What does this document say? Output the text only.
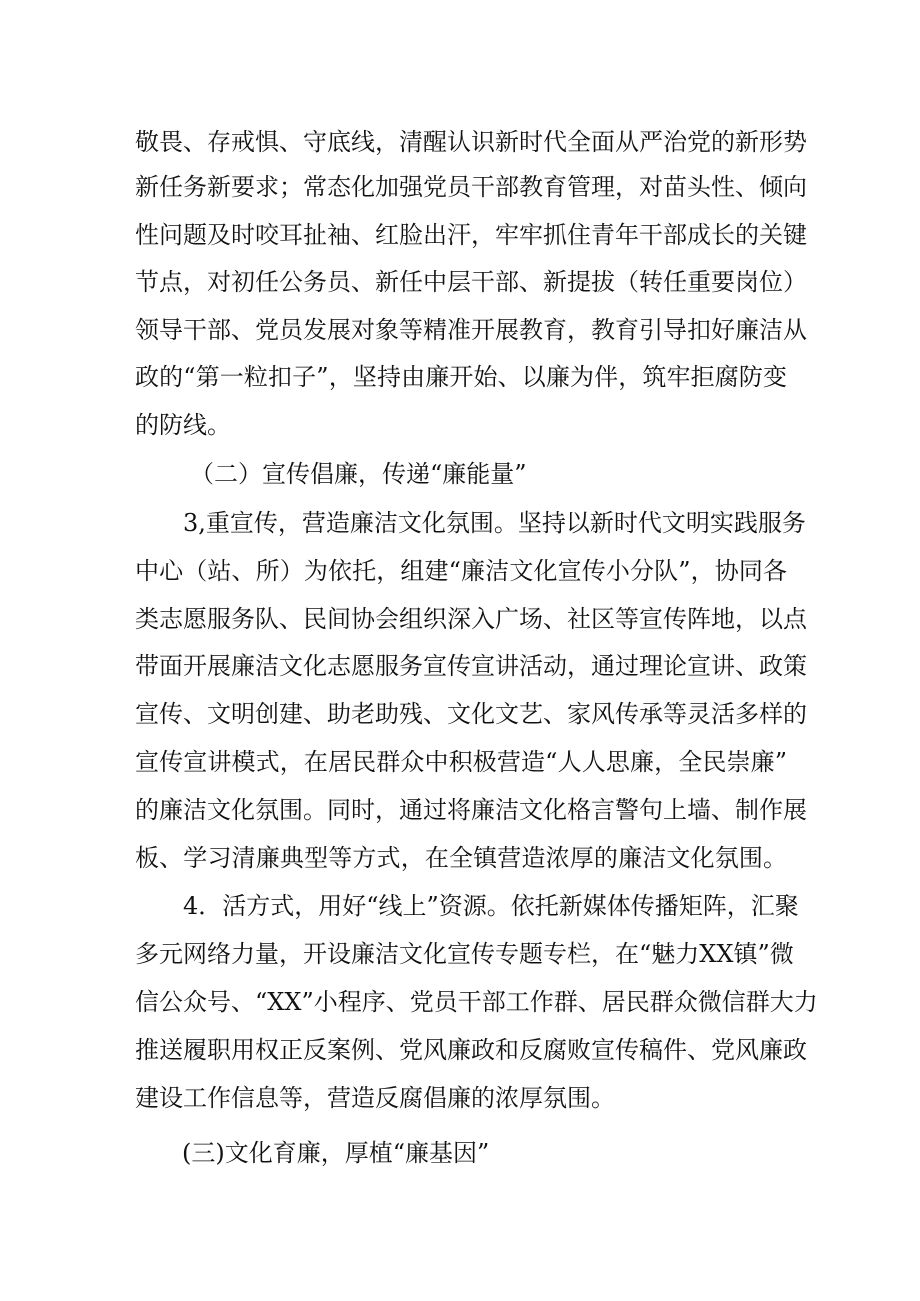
敬畏、存戒惧、守底线，清醒认识新时代全面从严治党的新形势
新任务新要求；常态化加强党员干部教育管理，对苗头性、倾向
性问题及时咬耳扯袖、红脸出汗，牢牢抓住青年干部成长的关键
节点，对初任公务员、新任中层干部、新提拔（转任重要岗位）
领导干部、党员发展对象等精准开展教育，教育引导扣好廉洁从
政的“第一粒扣子”，坚持由廉开始、以廉为伴，筑牢拒腐防变
的防线。
（二）宣传倡廉，传递“廉能量”
3,重宣传，营造廉洁文化氛围。坚持以新时代文明实践服务
中心（站、所）为依托，组建“廉洁文化宣传小分队”，协同各
类志愿服务队、民间协会组织深入广场、社区等宣传阵地，以点
带面开展廉洁文化志愿服务宣传宣讲活动，通过理论宣讲、政策
宣传、文明创建、助老助残、文化文艺、家风传承等灵活多样的
宣传宣讲模式，在居民群众中积极营造“人人思廉，全民崇廉”
的廉洁文化氛围。同时，通过将廉洁文化格言警句上墙、制作展
板、学习清廉典型等方式，在全镇营造浓厚的廉洁文化氛围。
4．活方式，用好“线上”资源。依托新媒体传播矩阵，汇聚
多元网络力量，开设廉洁文化宣传专题专栏，在“魅力XX镇”微
信公众号、“XX”小程序、党员干部工作群、居民群众微信群大力
推送履职用权正反案例、党风廉政和反腐败宣传稿件、党风廉政
建设工作信息等，营造反腐倡廉的浓厚氛围。
(三)文化育廉，厚植“廉基因”
